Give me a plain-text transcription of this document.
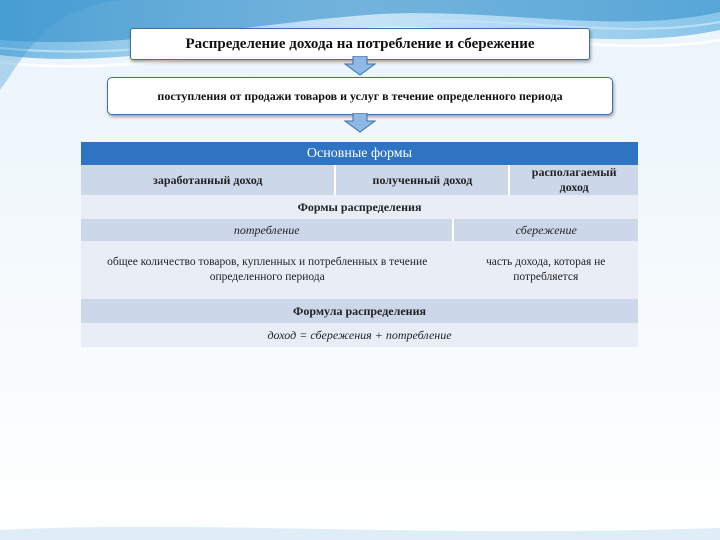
Распределение дохода на потребление и сбережение
поступления от продажи товаров и услуг в течение определенного периода
Основные формы			
заработанный доход	полученный доход		располагаемый доход
Формы распределения			
потребление		сбережение	
общее количество товаров, купленных и потребленных в течение определенного периода		часть дохода, которая не потребляется	
Формула распределения			
доход = сбережения + потребление			
